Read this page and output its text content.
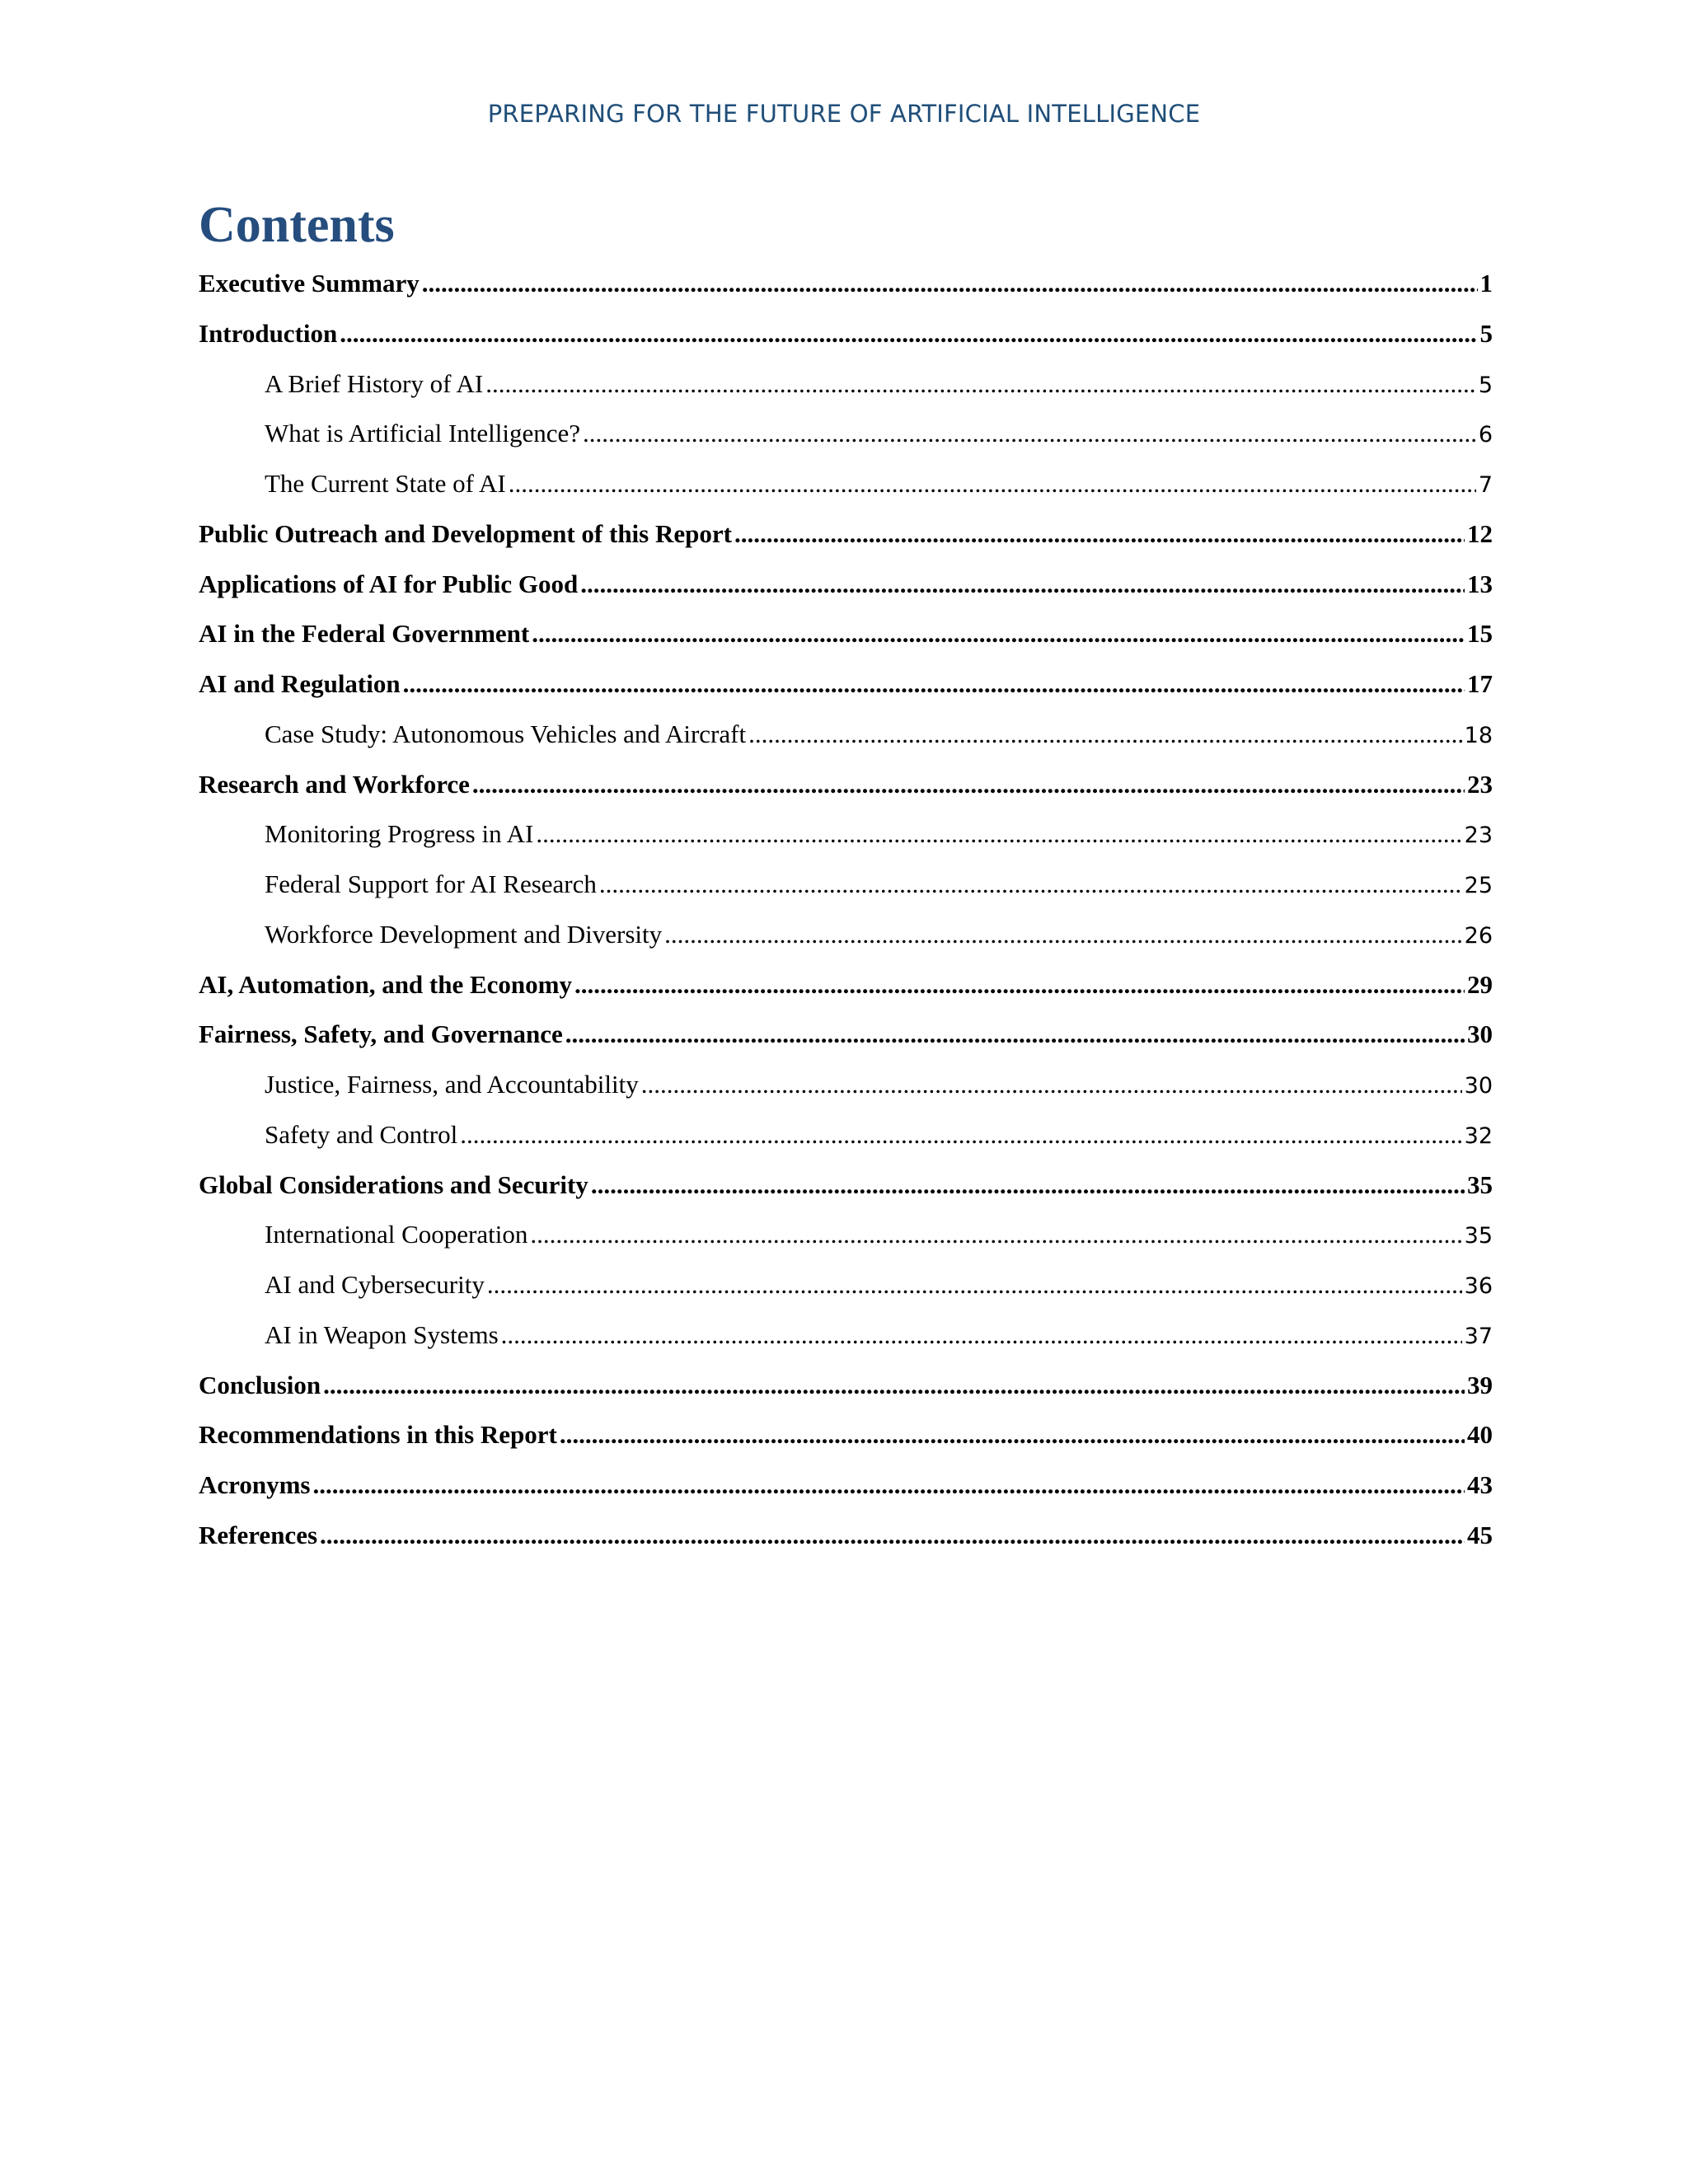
PREPARING FOR THE FUTURE OF ARTIFICIAL INTELLIGENCE
Contents
Executive Summary .....	1
Introduction .....	5
A Brief History of AI .....	5
What is Artificial Intelligence? .....	6
The Current State of AI .....	7
Public Outreach and Development of this Report .....	12
Applications of AI for Public Good .....	13
AI in the Federal Government .....	15
AI and Regulation .....	17
Case Study: Autonomous Vehicles and Aircraft .....	18
Research and Workforce .....	23
Monitoring Progress in AI .....	23
Federal Support for AI Research .....	25
Workforce Development and Diversity .....	26
AI, Automation, and the Economy .....	29
Fairness, Safety, and Governance .....	30
Justice, Fairness, and Accountability .....	30
Safety and Control .....	32
Global Considerations and Security .....	35
International Cooperation .....	35
AI and Cybersecurity .....	36
AI in Weapon Systems .....	37
Conclusion .....	39
Recommendations in this Report .....	40
Acronyms .....	43
References .....	45
